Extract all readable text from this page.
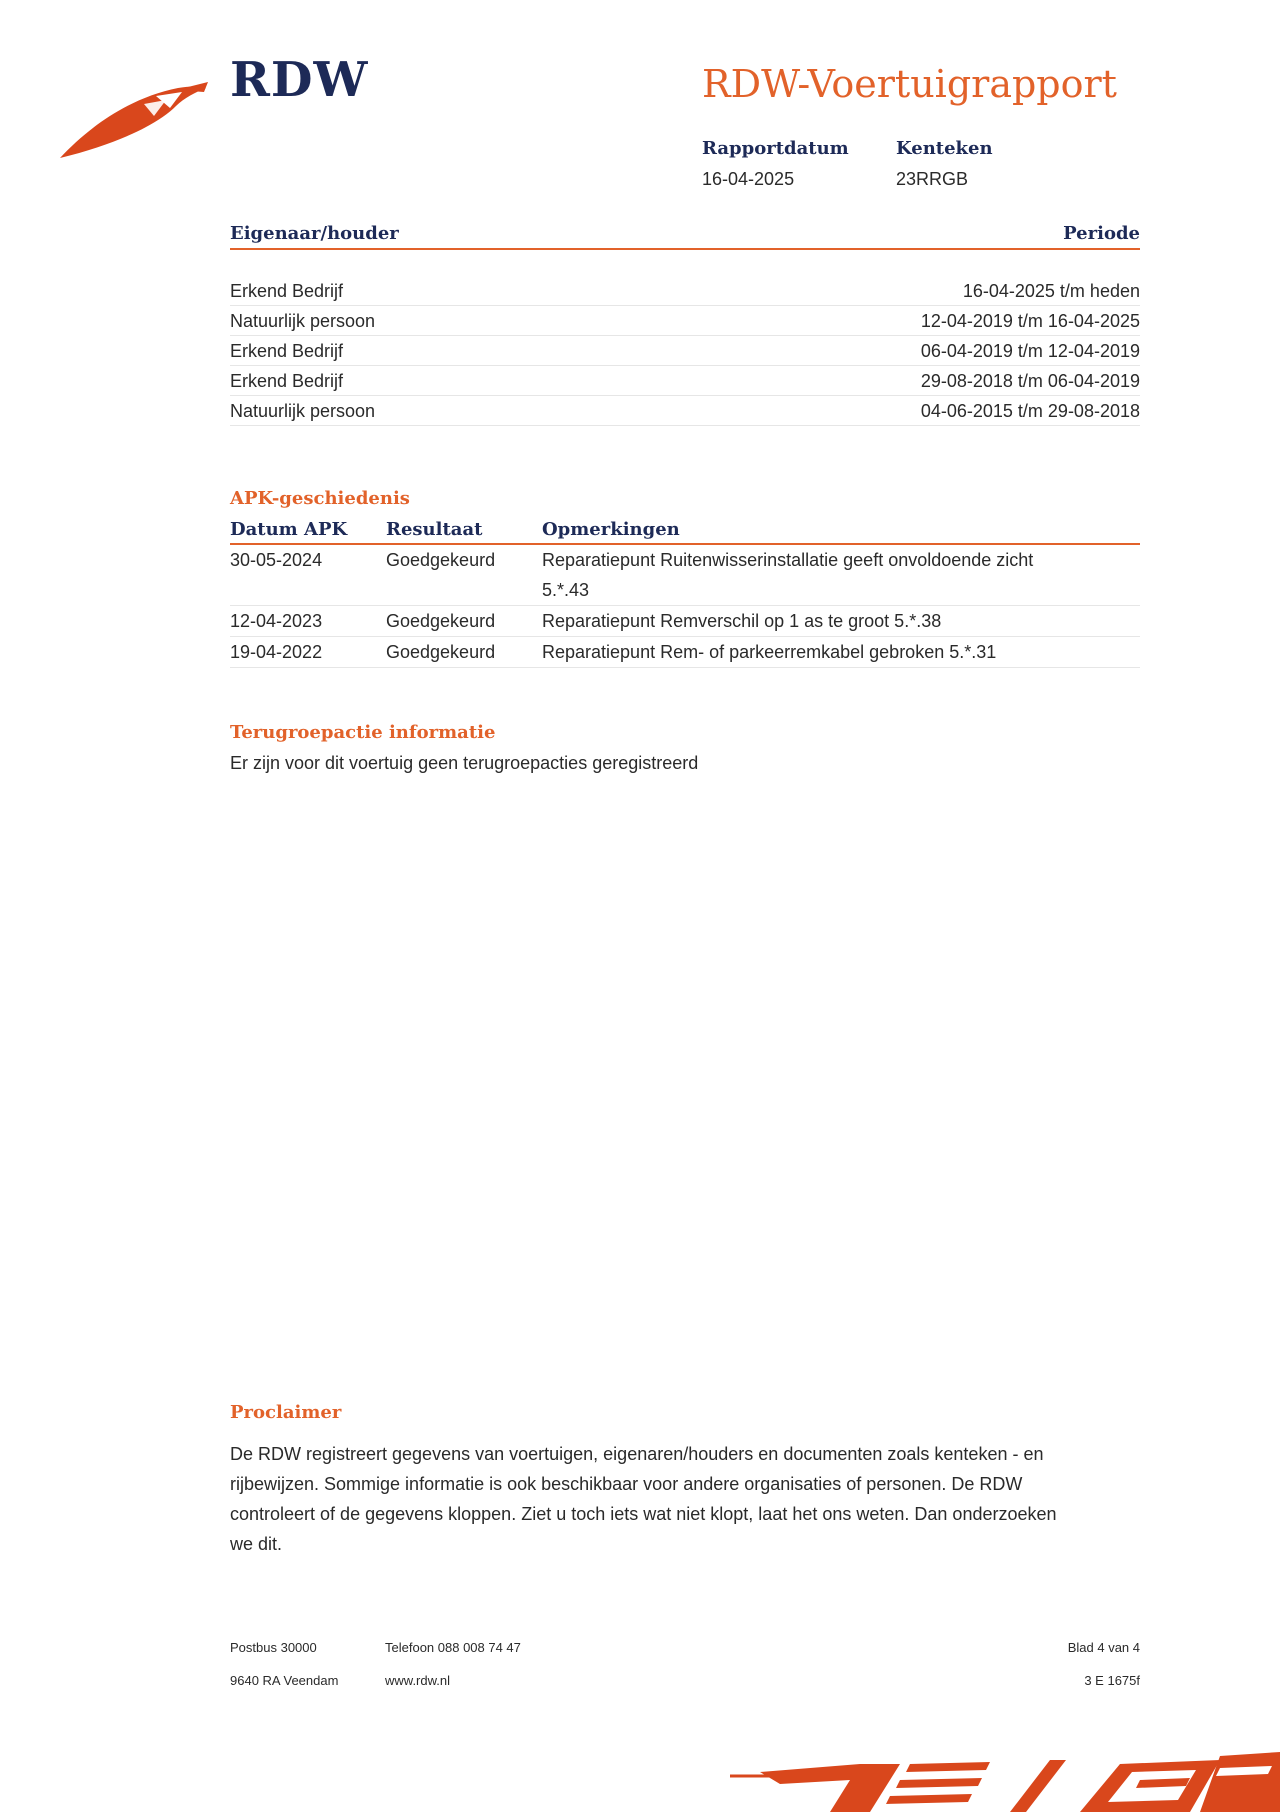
RDW	RDW-Voertuigrapport
Rapportdatum
16-04-2025
Kenteken
23RRGB
Eigenaar/houder	Periode
Erkend Bedrijf	16-04-2025 t/m heden
Natuurlijk persoon	12-04-2019 t/m 16-04-2025
Erkend Bedrijf	06-04-2019 t/m 12-04-2019
Erkend Bedrijf	29-08-2018 t/m 06-04-2019
Natuurlijk persoon	04-06-2015 t/m 29-08-2018
APK-geschiedenis
Datum APK	Resultaat	Opmerkingen
30-05-2024	Goedgekeurd	Reparatiepunt Ruitenwisserinstallatie geeft onvoldoende zicht
5.*.43
12-04-2023	Goedgekeurd	Reparatiepunt Remverschil op 1 as te groot 5.*.38
19-04-2022	Goedgekeurd	Reparatiepunt Rem- of parkeerremkabel gebroken 5.*.31
Terugroepactie informatie
Er zijn voor dit voertuig geen terugroepacties geregistreerd
Proclaimer

De RDW registreert gegevens van voertuigen, eigenaren/houders en documenten zoals kenteken - en
rijbewijzen. Sommige informatie is ook beschikbaar voor andere organisaties of personen. De RDW
controleert of de gegevens kloppen. Ziet u toch iets wat niet klopt, laat het ons weten. Dan onderzoeken
we dit.

Postbus 30000	Telefoon 088 008 74 47	Blad 4 van 4
9640 RA Veendam	www.rdw.nl	3 E 1675f
